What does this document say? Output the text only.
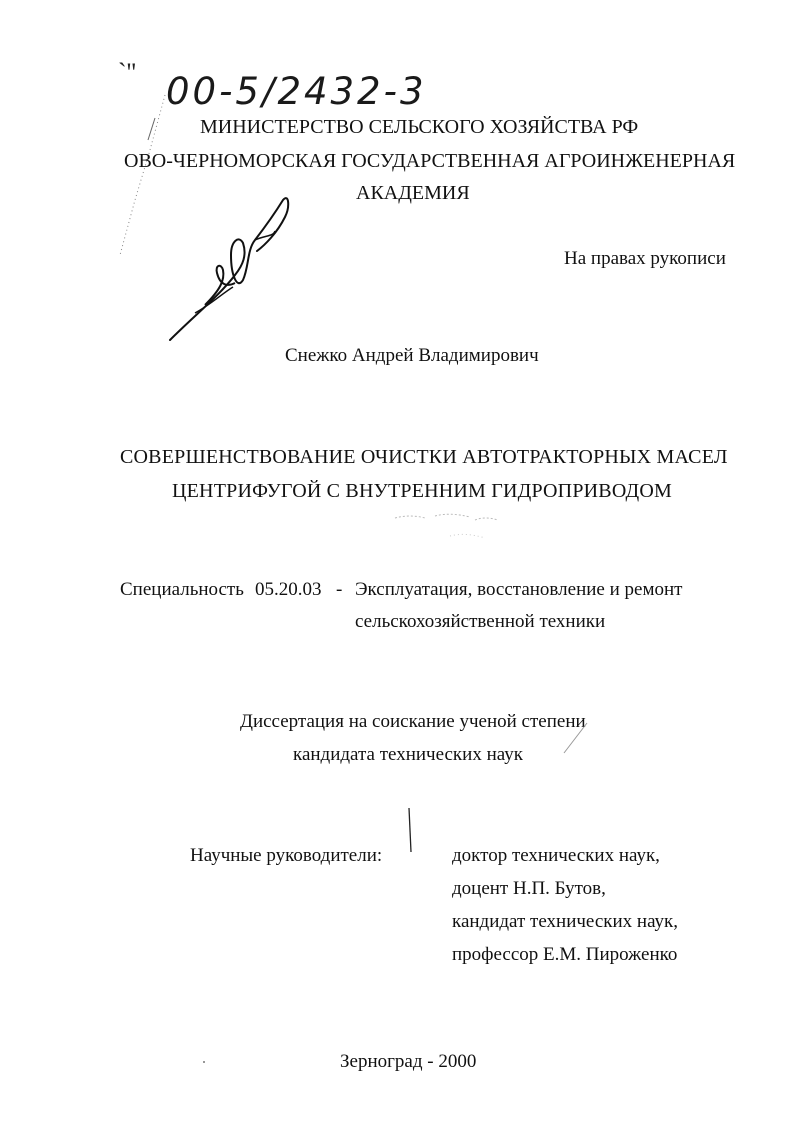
`'' 00-5/2432-3
МИНИСТЕРСТВО СЕЛЬСКОГО ХОЗЯЙСТВА РФ
ОВО-ЧЕРНОМОРСКАЯ ГОСУДАРСТВЕННАЯ АГРОИНЖЕНЕРНАЯ
АКАДЕМИЯ
На правах рукописи
Снежко Андрей Владимирович
СОВЕРШЕНСТВОВАНИЕ ОЧИСТКИ АВТОТРАКТОРНЫХ МАСЕЛ
ЦЕНТРИФУГОЙ С ВНУТРЕННИМ ГИДРОПРИВОДОМ
Специальность 05.20.03 - Эксплуатация, восстановление и ремонт
сельскохозяйственной техники
Диссертация на соискание ученой степени
кандидата технических наук
Научные руководители:	доктор технических наук,
доцент Н.П. Бутов,
кандидат технических наук,
профессор Е.М. Пироженко
Зерноград - 2000
